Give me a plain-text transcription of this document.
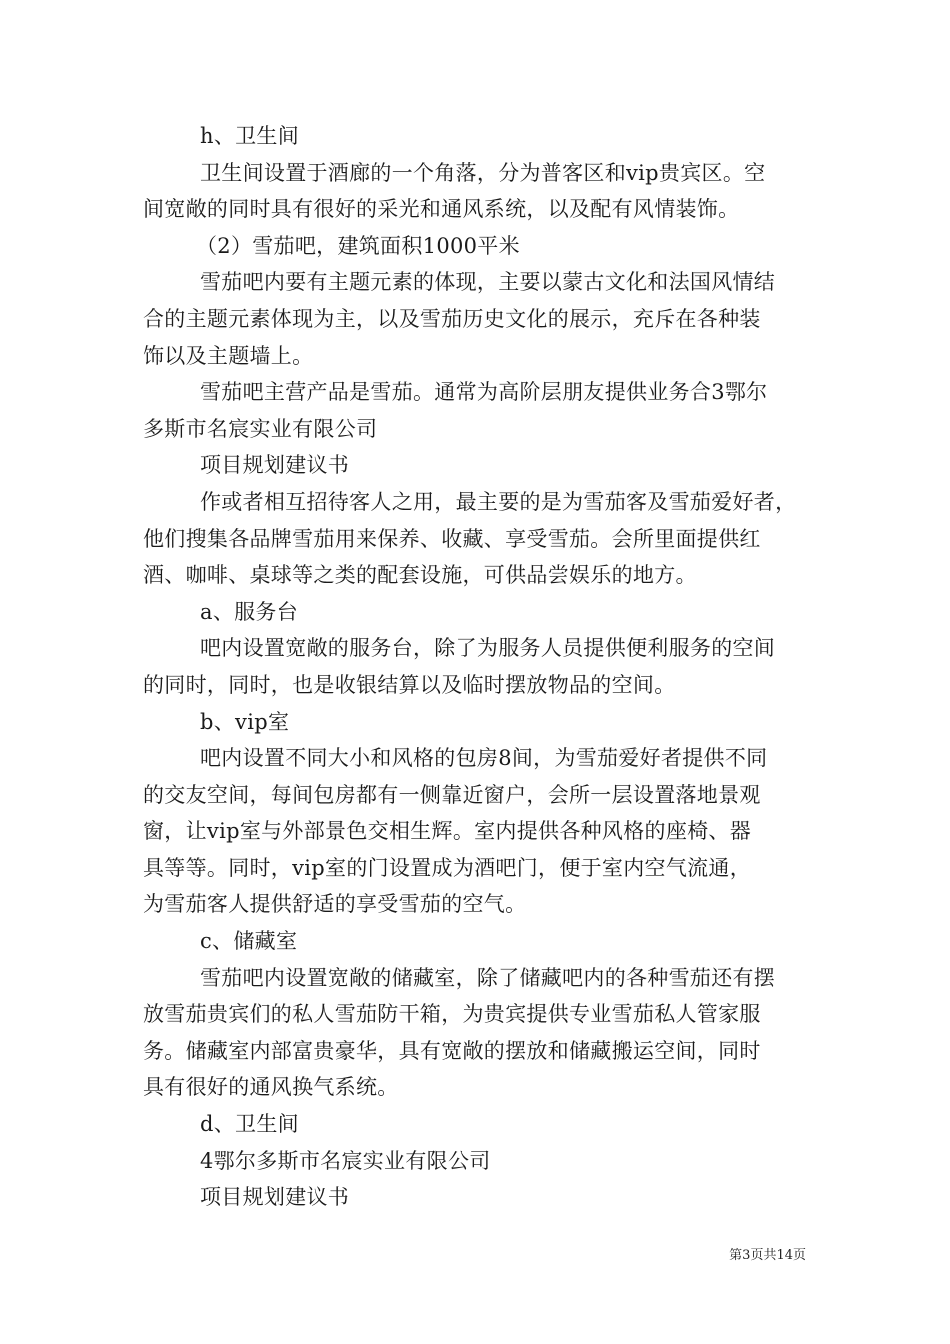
h、卫生间
卫生间设置于酒廊的一个角落，分为普客区和vip贵宾区。空
间宽敞的同时具有很好的采光和通风系统，以及配有风情装饰。
（2）雪茄吧，建筑面积1000平米
雪茄吧内要有主题元素的体现，主要以蒙古文化和法国风情结
合的主题元素体现为主，以及雪茄历史文化的展示，充斥在各种装
饰以及主题墙上。
雪茄吧主营产品是雪茄。通常为高阶层朋友提供业务合3鄂尔
多斯市名宸实业有限公司
项目规划建议书
作或者相互招待客人之用，最主要的是为雪茄客及雪茄爱好者，
他们搜集各品牌雪茄用来保养、收藏、享受雪茄。会所里面提供红
酒、咖啡、桌球等之类的配套设施，可供品尝娱乐的地方。
a、服务台
吧内设置宽敞的服务台，除了为服务人员提供便利服务的空间
的同时，同时，也是收银结算以及临时摆放物品的空间。
b、vip室
吧内设置不同大小和风格的包房8间，为雪茄爱好者提供不同
的交友空间，每间包房都有一侧靠近窗户，会所一层设置落地景观
窗，让vip室与外部景色交相生辉。室内提供各种风格的座椅、器
具等等。同时，vip室的门设置成为酒吧门，便于室内空气流通，
为雪茄客人提供舒适的享受雪茄的空气。
c、储藏室
雪茄吧内设置宽敞的储藏室，除了储藏吧内的各种雪茄还有摆
放雪茄贵宾们的私人雪茄防干箱，为贵宾提供专业雪茄私人管家服
务。储藏室内部富贵豪华，具有宽敞的摆放和储藏搬运空间，同时
具有很好的通风换气系统。
d、卫生间
4鄂尔多斯市名宸实业有限公司
项目规划建议书
第3页共14页
